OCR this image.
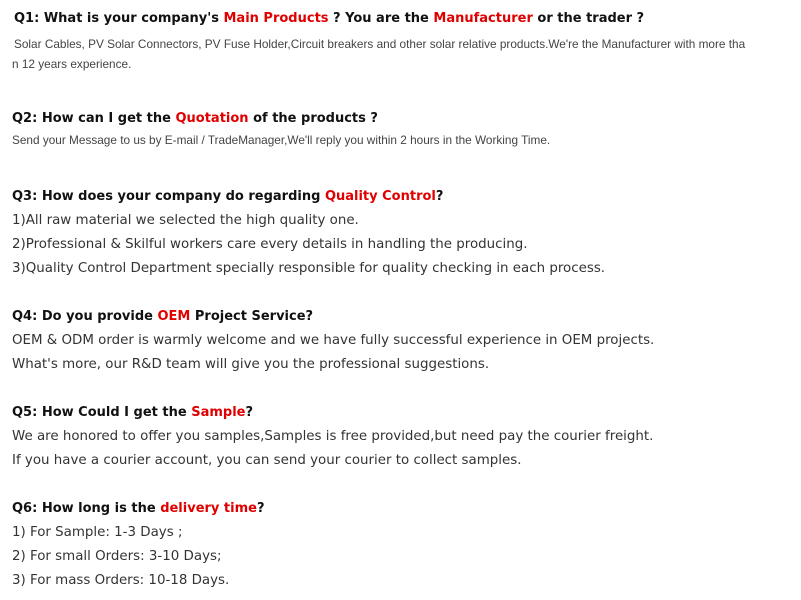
Q1: What is your company's Main Products ? You are the Manufacturer or the trader ?
Solar Cables, PV Solar Connectors, PV Fuse Holder,Circuit breakers and other solar relative products.We're the Manufacturer with more tha
n 12 years experience.
Q2: How can I get the Quotation of the products ?
Send your Message to us by E-mail / TradeManager,We'll reply you within 2 hours in the Working Time.
Q3: How does your company do regarding Quality Control?
1)All raw material we selected the high quality one.
2)Professional & Skilful workers care every details in handling the producing.
3)Quality Control Department specially responsible for quality checking in each process.
Q4: Do you provide OEM Project Service?
OEM & ODM order is warmly welcome and we have fully successful experience in OEM projects.
What's more, our R&D team will give you the professional suggestions.
Q5: How Could I get the Sample?
We are honored to offer you samples,Samples is free provided,but need pay the courier freight.
If you have a courier account, you can send your courier to collect samples.
Q6: How long is the delivery time?
1) For Sample: 1-3 Days ;
2) For small Orders: 3-10 Days;
3) For mass Orders: 10-18 Days.
